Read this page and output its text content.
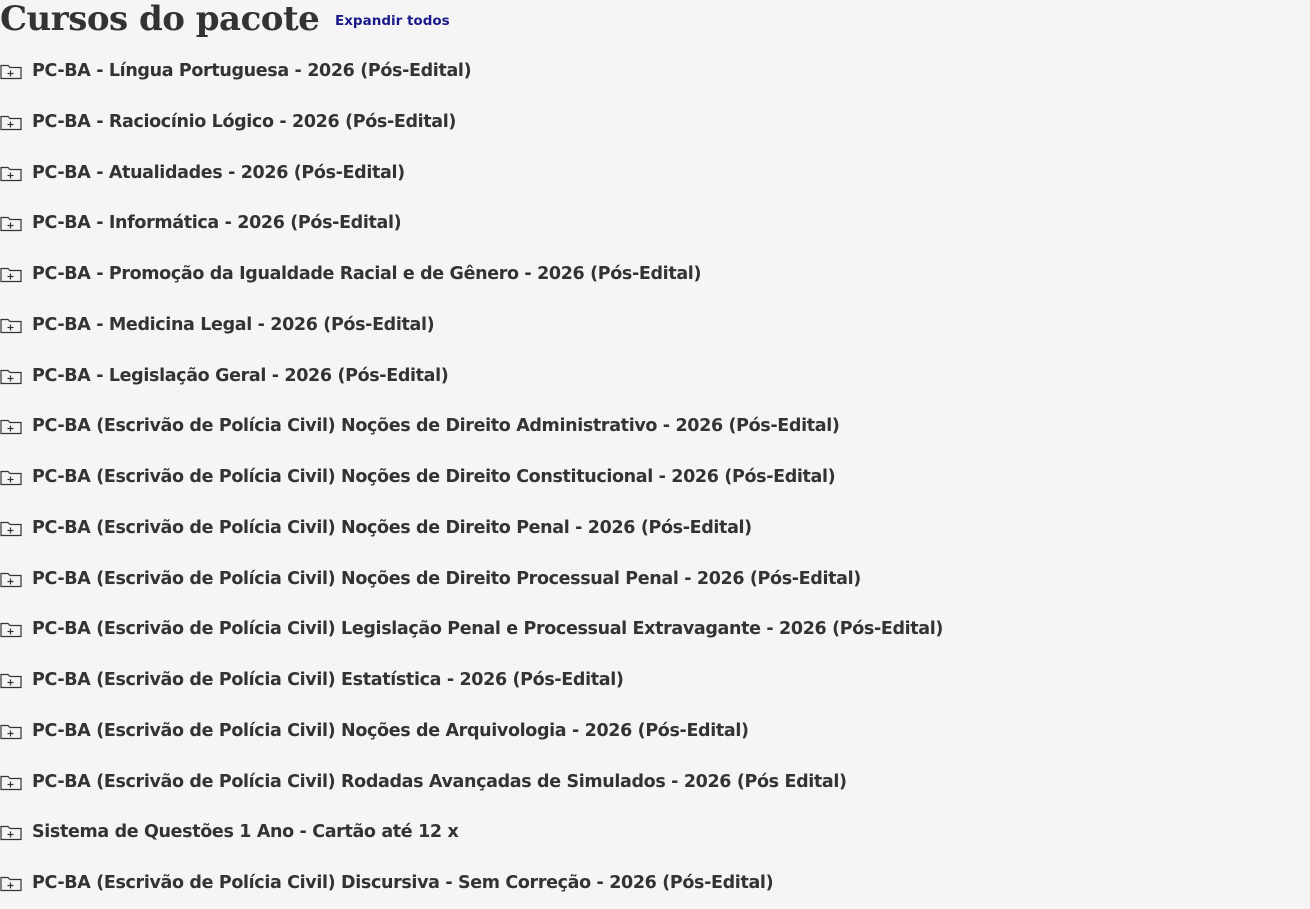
Cursos do pacote Expandir todos
PC-BA - Língua Portuguesa - 2026 (Pós-Edital)
PC-BA - Raciocínio Lógico - 2026 (Pós-Edital)
PC-BA - Atualidades - 2026 (Pós-Edital)
PC-BA - Informática - 2026 (Pós-Edital)
PC-BA - Promoção da Igualdade Racial e de Gênero - 2026 (Pós-Edital)
PC-BA - Medicina Legal - 2026 (Pós-Edital)
PC-BA - Legislação Geral - 2026 (Pós-Edital)
PC-BA (Escrivão de Polícia Civil) Noções de Direito Administrativo - 2026 (Pós-Edital)
PC-BA (Escrivão de Polícia Civil) Noções de Direito Constitucional - 2026 (Pós-Edital)
PC-BA (Escrivão de Polícia Civil) Noções de Direito Penal - 2026 (Pós-Edital)
PC-BA (Escrivão de Polícia Civil) Noções de Direito Processual Penal - 2026 (Pós-Edital)
PC-BA (Escrivão de Polícia Civil) Legislação Penal e Processual Extravagante - 2026 (Pós-Edital)
PC-BA (Escrivão de Polícia Civil) Estatística - 2026 (Pós-Edital)
PC-BA (Escrivão de Polícia Civil) Noções de Arquivologia - 2026 (Pós-Edital)
PC-BA (Escrivão de Polícia Civil) Rodadas Avançadas de Simulados - 2026 (Pós Edital)
Sistema de Questões 1 Ano - Cartão até 12 x
PC-BA (Escrivão de Polícia Civil) Discursiva - Sem Correção - 2026 (Pós-Edital)
